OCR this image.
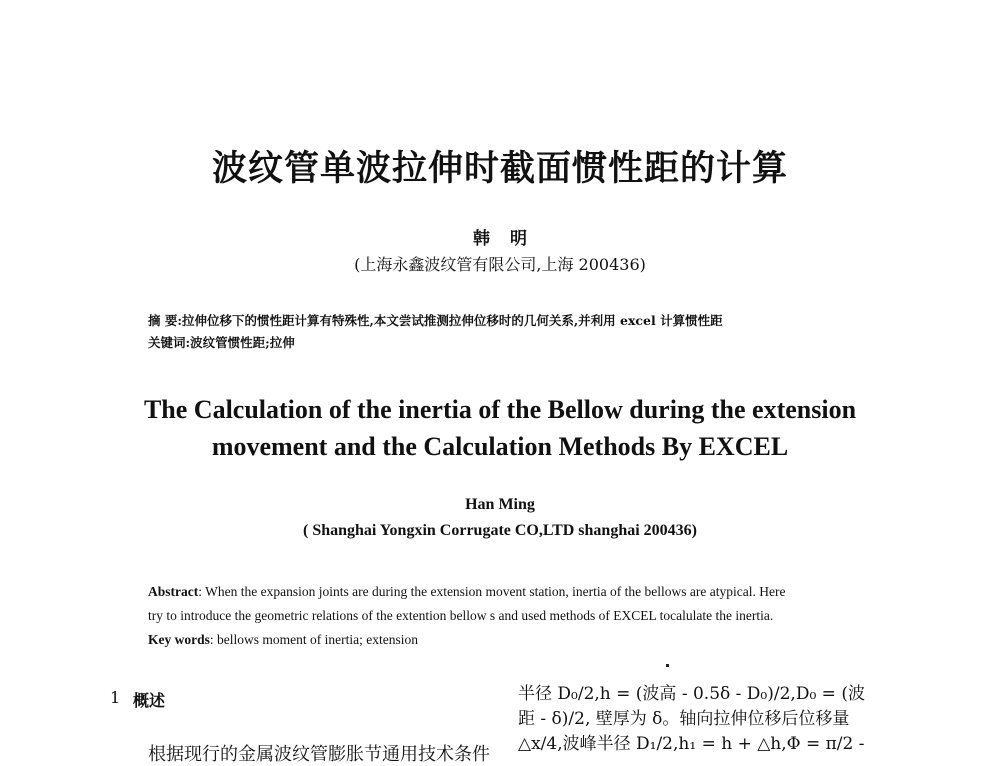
波纹管单波拉伸时截面惯性距的计算
韩 明
(上海永鑫波纹管有限公司,上海 200436)
摘 要:拉伸位移下的惯性距计算有特殊性,本文尝试推测拉伸位移时的几何关系,并利用 excel 计算惯性距
关键词:波纹管惯性距;拉伸
The Calculation of the inertia of the Bellow during the extension
movement and the Calculation Methods By EXCEL
Han Ming
( Shanghai Yongxin Corrugate CO,LTD shanghai 200436)
Abstract: When the expansion joints are during the extension movent station, inertia of the bellows are atypical. Here
try to introduce the geometric relations of the extention bellow s and used methods of EXCEL tocalulate the inertia.
Key words: bellows moment of inertia; extension
1 概述
根据现行的金属波纹管膨胀节通用技术条件
半径 D₀/2,h = (波高 - 0.5δ - D₀)/2,D₀ = (波
距 - δ)/2, 壁厚为 δ。轴向拉伸位移后位移量
△x/4,波峰半径 D₁/2,h₁ = h + △h,Φ = π/2 -
